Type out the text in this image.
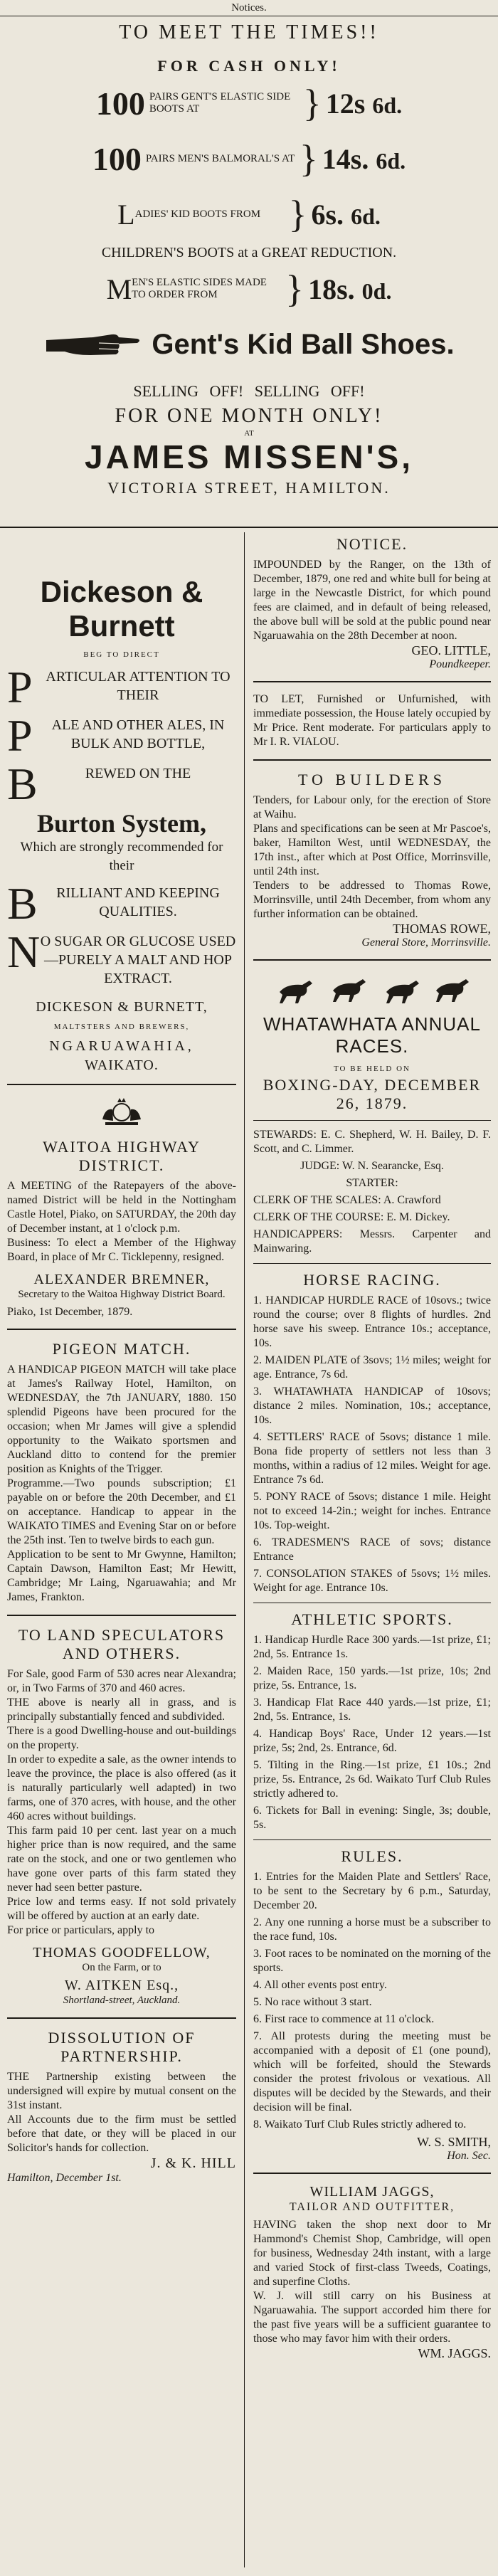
Notices.
TO MEET THE TIMES!!
FOR CASH ONLY!
100 PAIRS GENT'S ELASTIC SIDE BOOTS AT	} 12s 6d.
100 PAIRS MEN'S BALMORAL'S AT } 14s. 6d.
L ADIES' KID BOOTS FROM } 6s. 6d.
CHILDREN'S BOOTS at a GREAT REDUCTION.
M EN'S ELASTIC SIDES MADE TO ORDER FROM	} 18s. 0d.
Gent's Kid Ball Shoes.
SELLING OFF! SELLING OFF!
FOR ONE MONTH ONLY!
AT
JAMES MISSEN'S,
VICTORIA STREET, HAMILTON.
Dickeson & Burnett
BEG TO DIRECT
P ARTICULAR ATTENTION TO THEIR
P	ALE AND OTHER ALES, IN BULK AND BOTTLE,
B	REWED ON THE
Burton System,
Which are strongly recommended for their
B	RILLIANT AND KEEPING QUALITIES.
N O SUGAR OR GLUCOSE USED—PURELY A MALT AND HOP EXTRACT.
DICKESON & BURNETT,
MALTSTERS AND BREWERS,
NGARUAWAHIA,
WAIKATO.
WAITOA HIGHWAY DISTRICT.
A MEETING of the Ratepayers of the above-named District will be held in the Nottingham Castle Hotel, Piako, on SATURDAY, the 20th day of December instant, at 1 o'clock p.m.
Business: To elect a Member of the Highway Board, in place of Mr C. Ticklepenny, resigned.
ALEXANDER BREMNER,
Secretary to the Waitoa Highway District Board.
Piako, 1st December, 1879.
PIGEON MATCH.
A HANDICAP PIGEON MATCH will take place at James's Railway Hotel, Hamilton, on WEDNESDAY, the 7th JANUARY, 1880. 150 splendid Pigeons have been procured for the occasion; when Mr James will give a splendid opportunity to the Waikato sportsmen and Auckland ditto to contend for the premier position as Knights of the Trigger.
Programme.—Two pounds subscription; £1 payable on or before the 20th December, and £1 on acceptance. Handicap to appear in the WAIKATO TIMES and Evening Star on or before the 25th inst. Ten to twelve birds to each gun.
Application to be sent to Mr Gwynne, Hamilton; Captain Dawson, Hamilton East; Mr Hewitt, Cambridge; Mr Laing, Ngaruawahia; and Mr James, Frankton.
TO LAND SPECULATORS AND OTHERS.
For Sale, good Farm of 530 acres near Alexandra; or, in Two Farms of 370 and 460 acres.
THE above is nearly all in grass, and is principally substantially fenced and subdivided.
There is a good Dwelling-house and out-buildings on the property.
In order to expedite a sale, as the owner intends to leave the province, the place is also offered (as it is naturally particularly well adapted) in two farms, one of 370 acres, with house, and the other 460 acres without buildings.
This farm paid 10 per cent. last year on a much higher price than is now required, and the same rate on the stock, and one or two gentlemen who have gone over parts of this farm stated they never had seen better pasture.
Price low and terms easy. If not sold privately will be offered by auction at an early date.
For price or particulars, apply to
THOMAS GOODFELLOW,
On the Farm, or to
W. AITKEN Esq.,
Shortland-street, Auckland.
DISSOLUTION OF PARTNERSHIP.
THE Partnership existing between the undersigned will expire by mutual consent on the 31st instant.
All Accounts due to the firm must be settled before that date, or they will be placed in our Solicitor's hands for collection.
J. & K. HILL
Hamilton, December 1st.
NOTICE.
IMPOUNDED by the Ranger, on the 13th of December, 1879, one red and white bull for being at large in the Newcastle District, for which pound fees are claimed, and in default of being released, the above bull will be sold at the public pound near Ngaruawahia on the 28th December at noon.
GEO. LITTLE,
Poundkeeper.
TO LET, Furnished or Unfurnished, with immediate possession, the House lately occupied by Mr Price. Rent moderate. For particulars apply to Mr I. R. VIALOU.
TO BUILDERS
Tenders, for Labour only, for the erection of Store at Waihu.
Plans and specifications can be seen at Mr Pascoe's, baker, Hamilton West, until WEDNESDAY, the 17th inst., after which at Post Office, Morrinsville, until 24th inst.
Tenders to be addressed to Thomas Rowe, Morrinsville, until 24th December, from whom any further information can be obtained.
THOMAS ROWE,
General Store, Morrinsville.
WHATAWHATA ANNUAL RACES.
TO BE HELD ON
BOXING-DAY, DECEMBER 26, 1879.
STEWARDS: E. C. Shepherd, W. H. Bailey, D. F. Scott, and C. Limmer.
JUDGE: W. N. Searancke, Esq.
STARTER:
CLERK OF THE SCALES: A. Crawford
CLERK OF THE COURSE: E. M. Dickey.
HANDICAPPERS: Messrs. Carpenter and Mainwaring.
HORSE RACING.
1. HANDICAP HURDLE RACE of 10sovs.; twice round the course; over 8 flights of hurdles. 2nd horse save his sweep. Entrance 10s.; acceptance, 10s.
2. MAIDEN PLATE of 3sovs; 1½ miles; weight for age. Entrance, 7s 6d.
3. WHATAWHATA HANDICAP of 10sovs; distance 2 miles. Nomination, 10s.; acceptance, 10s.
4. SETTLERS' RACE of 5sovs; distance 1 mile. Bona fide property of settlers not less than 3 months, within a radius of 12 miles. Weight for age. Entrance 7s 6d.
5. PONY RACE of 5sovs; distance 1 mile. Height not to exceed 14-2in.; weight for inches. Entrance 10s. Top-weight.
6. TRADESMEN'S RACE of sovs; distance Entrance
7. CONSOLATION STAKES of 5sovs; 1½ miles. Weight for age. Entrance 10s.
ATHLETIC SPORTS.
1. Handicap Hurdle Race 300 yards.—1st prize, £1; 2nd, 5s. Entrance 1s.
2. Maiden Race, 150 yards.—1st prize, 10s; 2nd prize, 5s. Entrance, 1s.
3. Handicap Flat Race 440 yards.—1st prize, £1; 2nd, 5s. Entrance, 1s.
4. Handicap Boys' Race, Under 12 years.—1st prize, 5s; 2nd, 2s. Entrance, 6d.
5. Tilting in the Ring.—1st prize, £1 10s.; 2nd prize, 5s. Entrance, 2s 6d. Waikato Turf Club Rules strictly adhered to.
6. Tickets for Ball in evening: Single, 3s; double, 5s.
RULES.
1. Entries for the Maiden Plate and Settlers' Race, to be sent to the Secretary by 6 p.m., Saturday, December 20.
2. Any one running a horse must be a subscriber to the race fund, 10s.
3. Foot races to be nominated on the morning of the sports.
4. All other events post entry.
5. No race without 3 start.
6. First race to commence at 11 o'clock.
7. All protests during the meeting must be accompanied with a deposit of £1 (one pound), which will be forfeited, should the Stewards consider the protest frivolous or vexatious. All disputes will be decided by the Stewards, and their decision will be final.
8. Waikato Turf Club Rules strictly adhered to.
W. S. SMITH,
Hon. Sec.
WILLIAM JAGGS,
TAILOR AND OUTFITTER,
HAVING taken the shop next door to Mr Hammond's Chemist Shop, Cambridge, will open for business, Wednesday 24th instant, with a large and varied Stock of first-class Tweeds, Coatings, and superfine Cloths.
W. J. will still carry on his Business at Ngaruawahia. The support accorded him there for the past five years will be a sufficient guarantee to those who may favor him with their orders.
WM. JAGGS.
